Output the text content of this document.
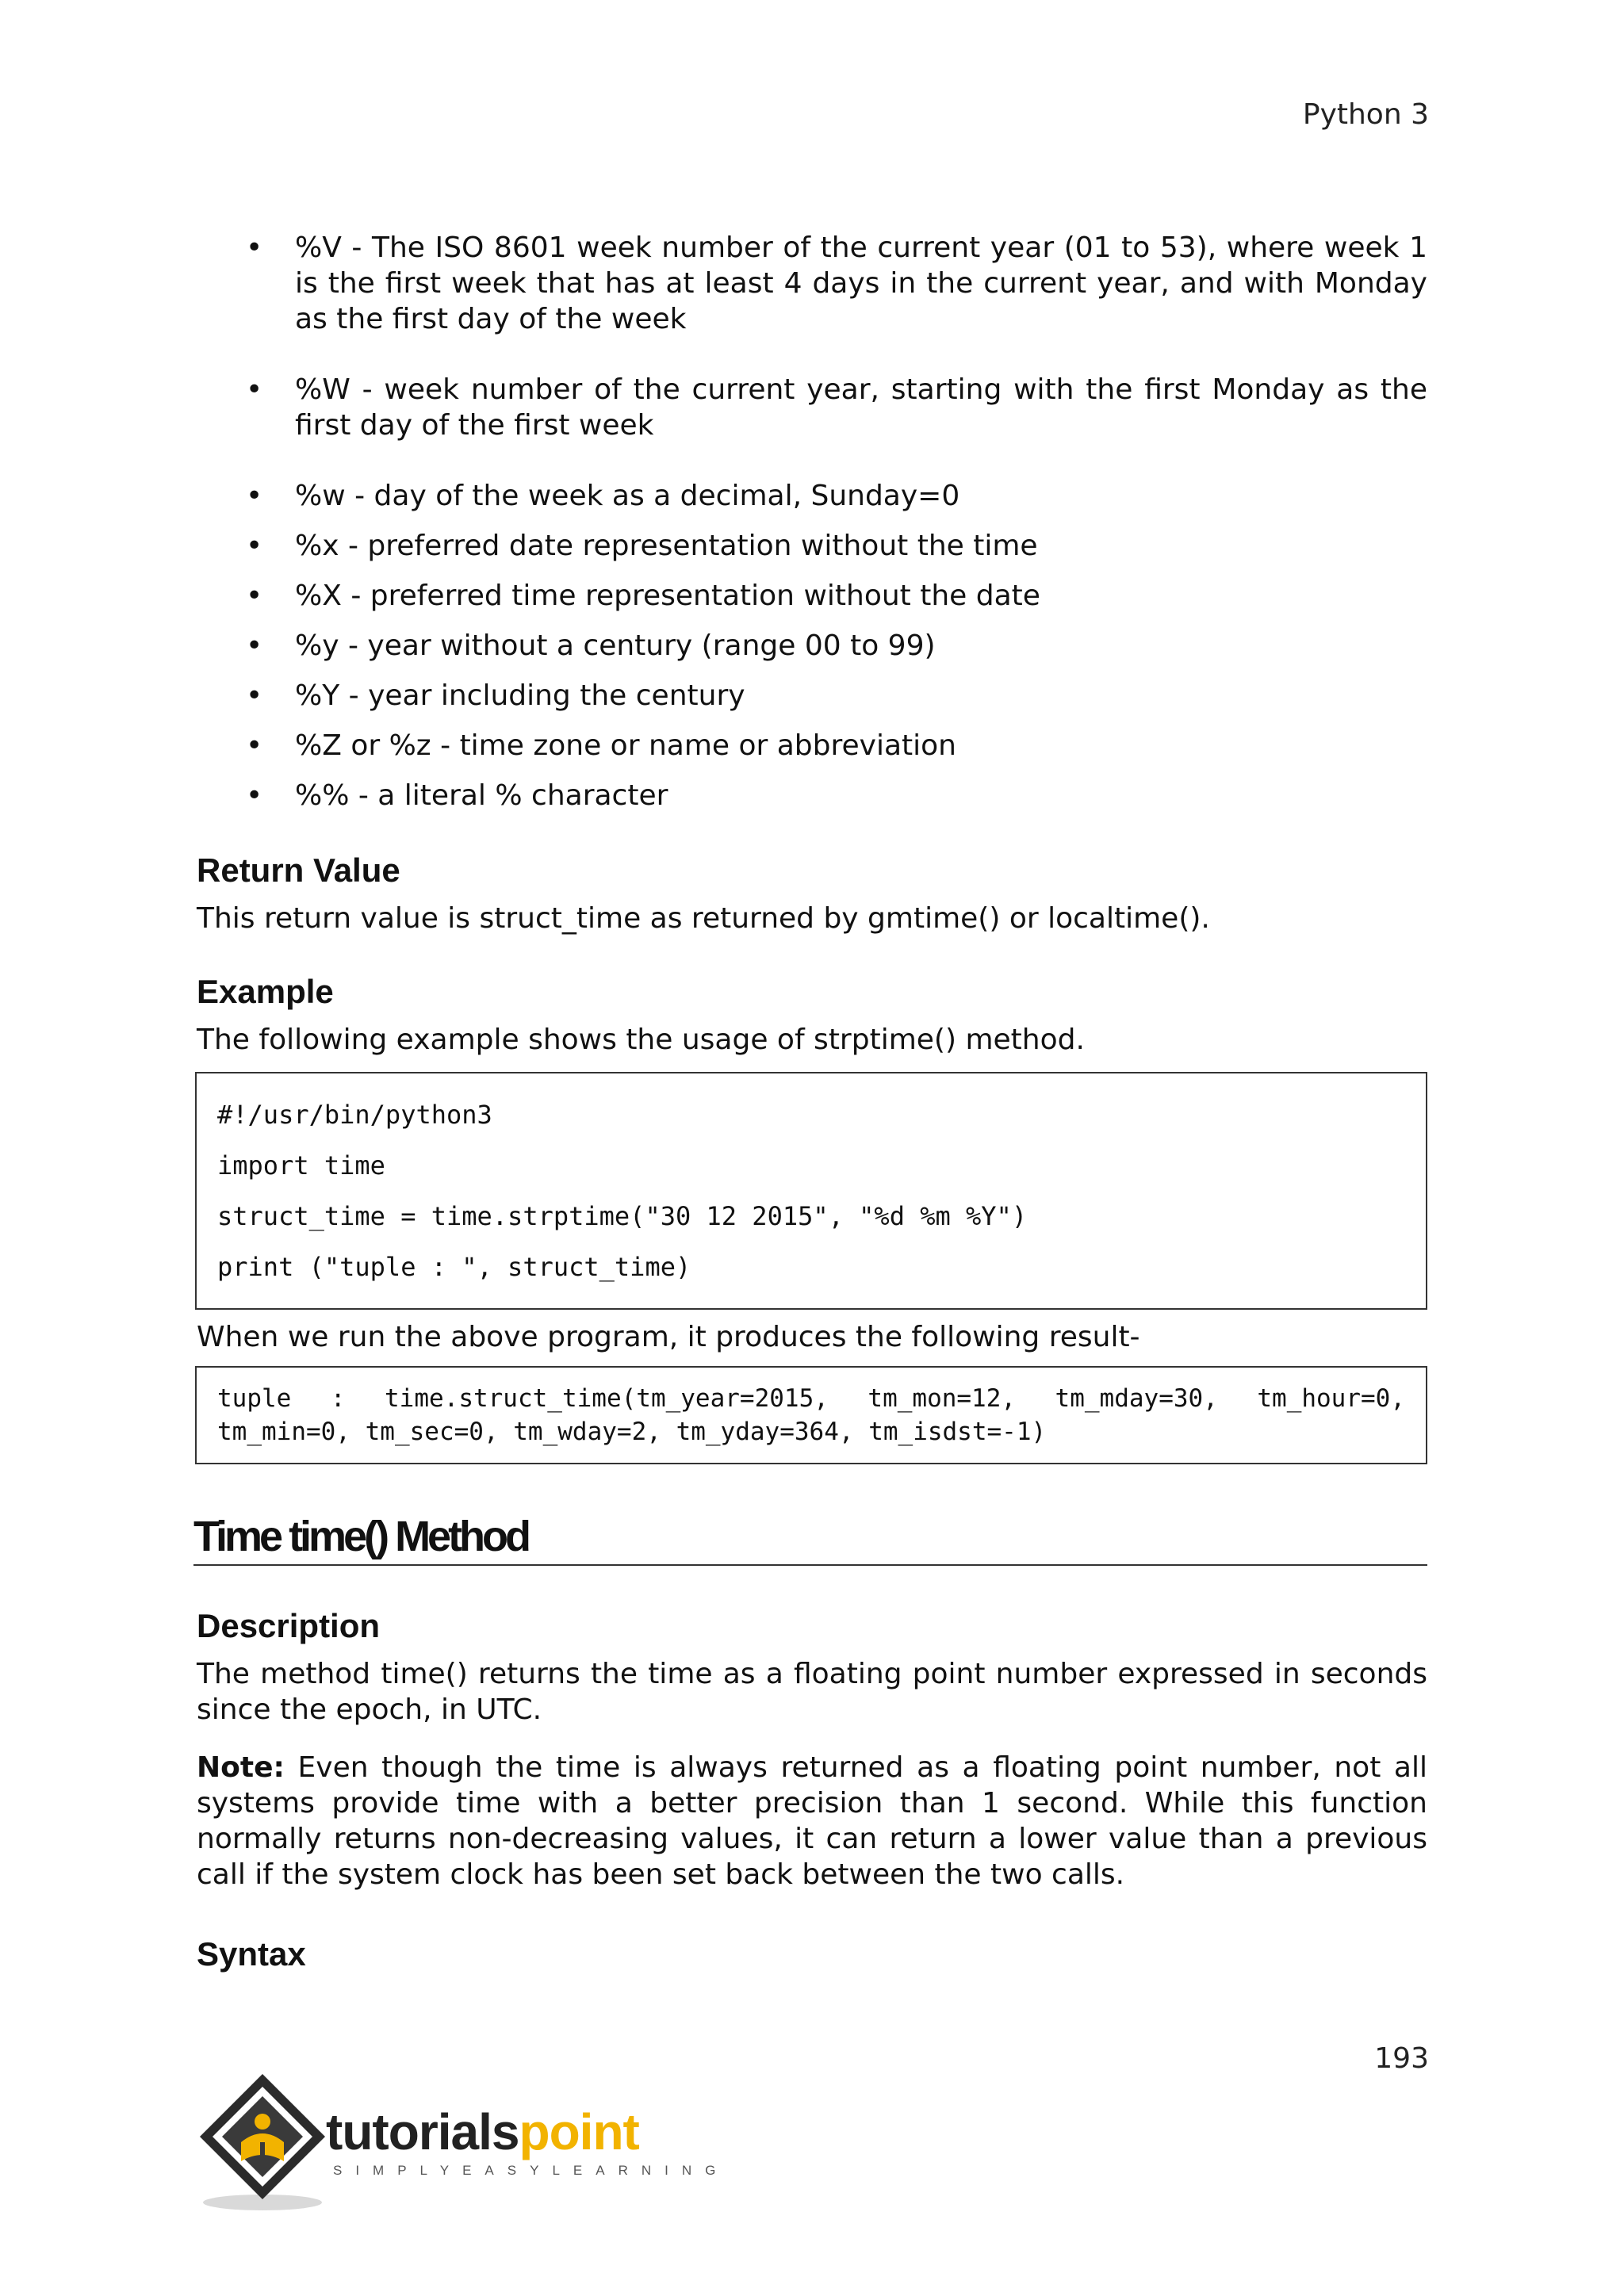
Python 3
• %V - The ISO 8601 week number of the current year (01 to 53), where week 1 is the first week that has at least 4 days in the current year, and with Monday as the first day of the week
• %W - week number of the current year, starting with the first Monday as the first day of the first week
• %w - day of the week as a decimal, Sunday=0
• %x - preferred date representation without the time
• %X - preferred time representation without the date
• %y - year without a century (range 00 to 99)
• %Y - year including the century
• %Z or %z - time zone or name or abbreviation
• %% - a literal % character
Return Value

This return value is struct_time as returned by gmtime() or localtime().

Example

The following example shows the usage of strptime() method.

#!/usr/bin/python3
import time
struct_time = time.strptime("30 12 2015", "%d %m %Y")
print ("tuple : ", struct_time)

When we run the above program, it produces the following result-

tuple : time.struct_time(tm_year=2015, tm_mon=12, tm_mday=30, tm_hour=0, tm_min=0, tm_sec=0, tm_wday=2, tm_yday=364, tm_isdst=-1)
Time time() Method
Description

The method time() returns the time as a floating point number expressed in seconds since the epoch, in UTC.

Note: Even though the time is always returned as a floating point number, not all systems provide time with a better precision than 1 second. While this function normally returns non-decreasing values, it can return a lower value than a previous call if the system clock has been set back between the two calls.

Syntax
193
tutorialspoint
SIMPLYEASYLEARNING
